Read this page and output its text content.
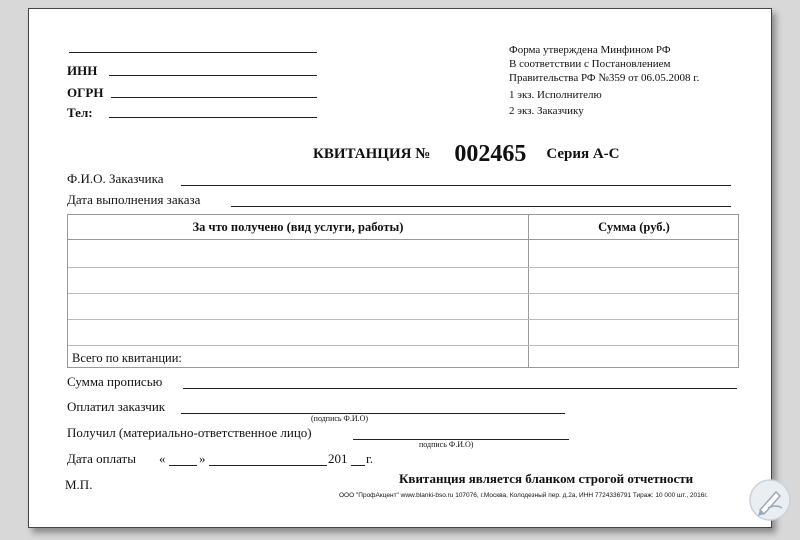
ИНН
ОГРН
Тел:
Форма утверждена Минфином РФ
В соответствии с Постановлением
Правительства РФ №359 от 06.05.2008 г.
1 экз. Исполнителю
2 экз. Заказчику
КВИТАНЦИЯ № 002465 Серия А-С
Ф.И.О. Заказчика
Дата выполнения заказа
За что получено (вид услуги, работы)	Сумма (руб.)
Всего по квитанции:
Сумма прописью
Оплатил заказчик
(подпись Ф.И.О)
Получил (материально-ответственное лицо)
подпись Ф.И.О)
Дата оплаты «	»	201 г.
М.П.	Квитанция является бланком строгой отчетности
ООО "ПрофАкцент" www.blanki-bso.ru 107076, г.Москва, Колодезный пер. д.2а, ИНН 7724336791 Тираж: 10 000 шт., 2016г.
